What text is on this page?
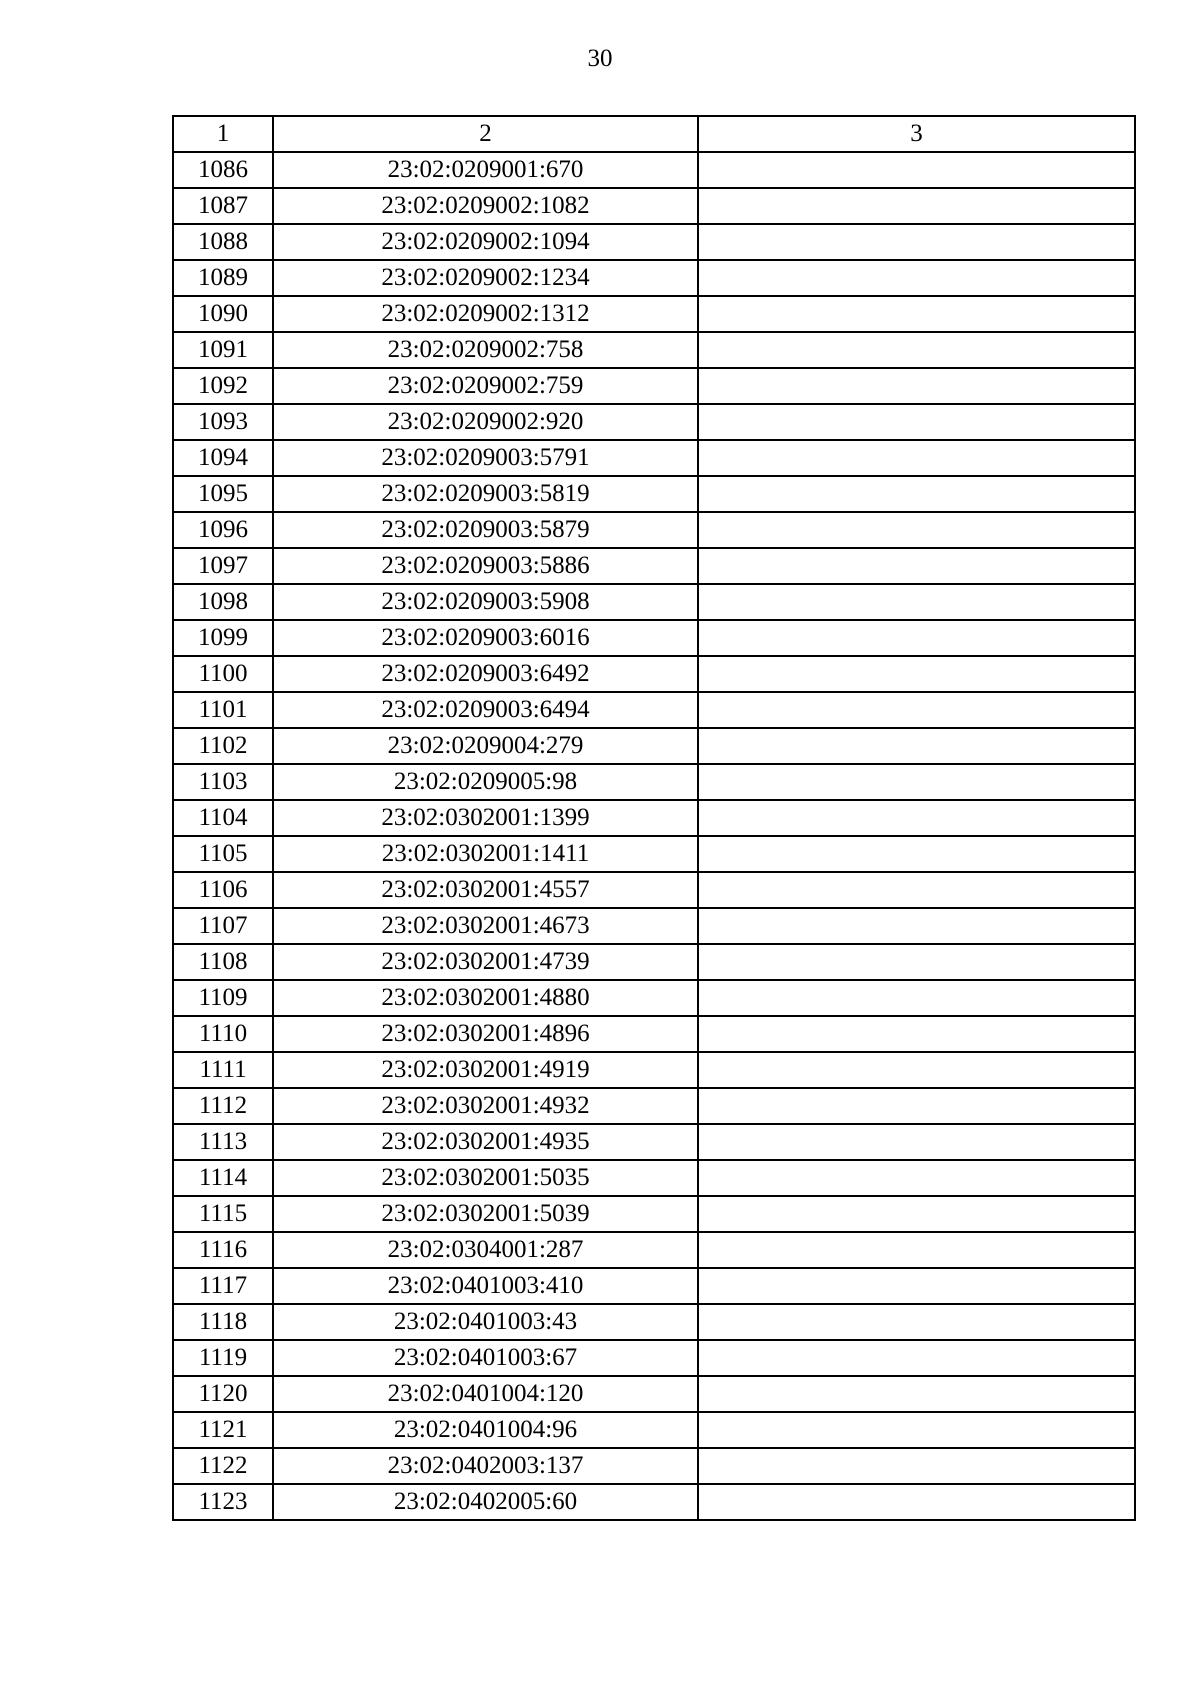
30
1	2	3
1086	23:02:0209001:670	
1087	23:02:0209002:1082	
1088	23:02:0209002:1094	
1089	23:02:0209002:1234	
1090	23:02:0209002:1312	
1091	23:02:0209002:758	
1092	23:02:0209002:759	
1093	23:02:0209002:920	
1094	23:02:0209003:5791	
1095	23:02:0209003:5819	
1096	23:02:0209003:5879	
1097	23:02:0209003:5886	
1098	23:02:0209003:5908	
1099	23:02:0209003:6016	
1100	23:02:0209003:6492	
1101	23:02:0209003:6494	
1102	23:02:0209004:279	
1103	23:02:0209005:98	
1104	23:02:0302001:1399	
1105	23:02:0302001:1411	
1106	23:02:0302001:4557	
1107	23:02:0302001:4673	
1108	23:02:0302001:4739	
1109	23:02:0302001:4880	
1110	23:02:0302001:4896	
1111	23:02:0302001:4919	
1112	23:02:0302001:4932	
1113	23:02:0302001:4935	
1114	23:02:0302001:5035	
1115	23:02:0302001:5039	
1116	23:02:0304001:287	
1117	23:02:0401003:410	
1118	23:02:0401003:43	
1119	23:02:0401003:67	
1120	23:02:0401004:120	
1121	23:02:0401004:96	
1122	23:02:0402003:137	
1123	23:02:0402005:60	
